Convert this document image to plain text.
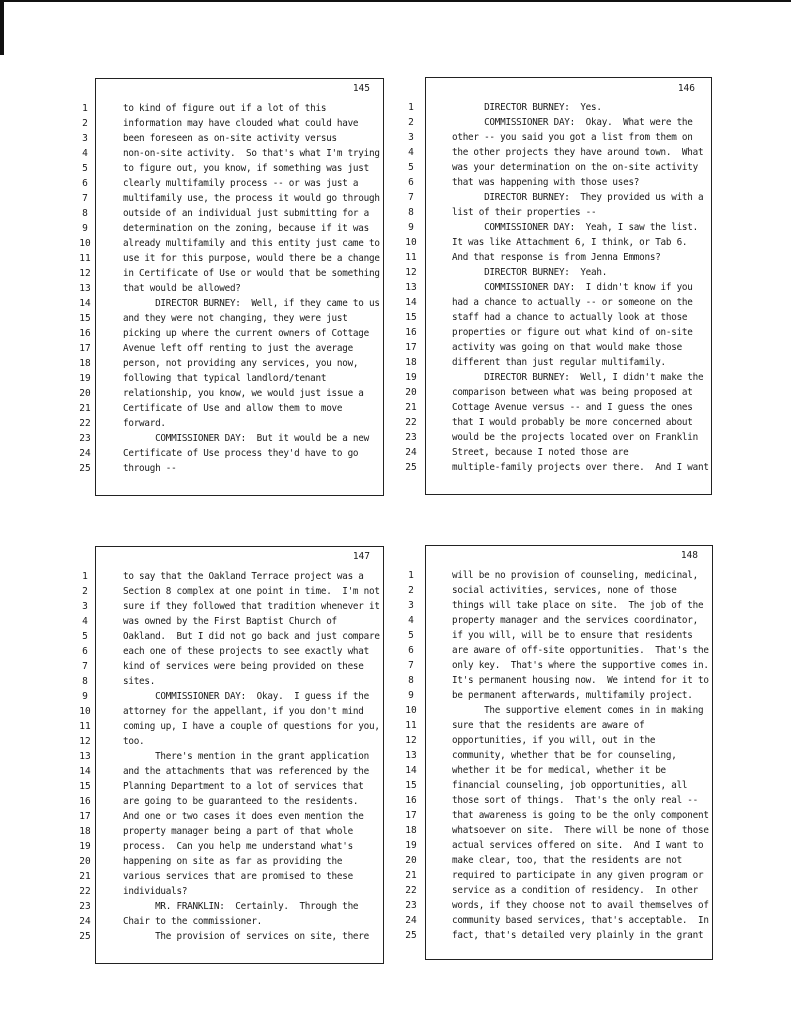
145
1
2
3
4
5
6
7
8
9
10
11
12
13
14
15
16
17
18
19
20
21
22
23
24
25
to kind of figure out if a lot of this
information may have clouded what could have
been foreseen as on-site activity versus
non-on-site activity.  So that's what I'm trying
to figure out, you know, if something was just
clearly multifamily process -- or was just a
multifamily use, the process it would go through
outside of an individual just submitting for a
determination on the zoning, because if it was
already multifamily and this entity just came to
use it for this purpose, would there be a change
in Certificate of Use or would that be something
that would be allowed?
DIRECTOR BURNEY:  Well, if they came to us
and they were not changing, they were just
picking up where the current owners of Cottage
Avenue left off renting to just the average
person, not providing any services, you now,
following that typical landlord/tenant
relationship, you know, we would just issue a
Certificate of Use and allow them to move
forward.
COMMISSIONER DAY:  But it would be a new
Certificate of Use process they'd have to go
through --
146
1
2
3
4
5
6
7
8
9
10
11
12
13
14
15
16
17
18
19
20
21
22
23
24
25
DIRECTOR BURNEY:  Yes.
COMMISSIONER DAY:  Okay.  What were the
other -- you said you got a list from them on
the other projects they have around town.  What
was your determination on the on-site activity
that was happening with those uses?
DIRECTOR BURNEY:  They provided us with a
list of their properties --
COMMISSIONER DAY:  Yeah, I saw the list.
It was like Attachment 6, I think, or Tab 6.
And that response is from Jenna Emmons?
DIRECTOR BURNEY:  Yeah.
COMMISSIONER DAY:  I didn't know if you
had a chance to actually -- or someone on the
staff had a chance to actually look at those
properties or figure out what kind of on-site
activity was going on that would make those
different than just regular multifamily.
DIRECTOR BURNEY:  Well, I didn't make the
comparison between what was being proposed at
Cottage Avenue versus -- and I guess the ones
that I would probably be more concerned about
would be the projects located over on Franklin
Street, because I noted those are
multiple-family projects over there.  And I want
147
1
2
3
4
5
6
7
8
9
10
11
12
13
14
15
16
17
18
19
20
21
22
23
24
25
to say that the Oakland Terrace project was a
Section 8 complex at one point in time.  I'm not
sure if they followed that tradition whenever it
was owned by the First Baptist Church of
Oakland.  But I did not go back and just compare
each one of these projects to see exactly what
kind of services were being provided on these
sites.
COMMISSIONER DAY:  Okay.  I guess if the
attorney for the appellant, if you don't mind
coming up, I have a couple of questions for you,
too.
There's mention in the grant application
and the attachments that was referenced by the
Planning Department to a lot of services that
are going to be guaranteed to the residents.
And one or two cases it does even mention the
property manager being a part of that whole
process.  Can you help me understand what's
happening on site as far as providing the
various services that are promised to these
individuals?
MR. FRANKLIN:  Certainly.  Through the
Chair to the commissioner.
The provision of services on site, there
148
1
2
3
4
5
6
7
8
9
10
11
12
13
14
15
16
17
18
19
20
21
22
23
24
25
will be no provision of counseling, medicinal,
social activities, services, none of those
things will take place on site.  The job of the
property manager and the services coordinator,
if you will, will be to ensure that residents
are aware of off-site opportunities.  That's the
only key.  That's where the supportive comes in.
It's permanent housing now.  We intend for it to
be permanent afterwards, multifamily project.
The supportive element comes in in making
sure that the residents are aware of
opportunities, if you will, out in the
community, whether that be for counseling,
whether it be for medical, whether it be
financial counseling, job opportunities, all
those sort of things.  That's the only real --
that awareness is going to be the only component
whatsoever on site.  There will be none of those
actual services offered on site.  And I want to
make clear, too, that the residents are not
required to participate in any given program or
service as a condition of residency.  In other
words, if they choose not to avail themselves of
community based services, that's acceptable.  In
fact, that's detailed very plainly in the grant
